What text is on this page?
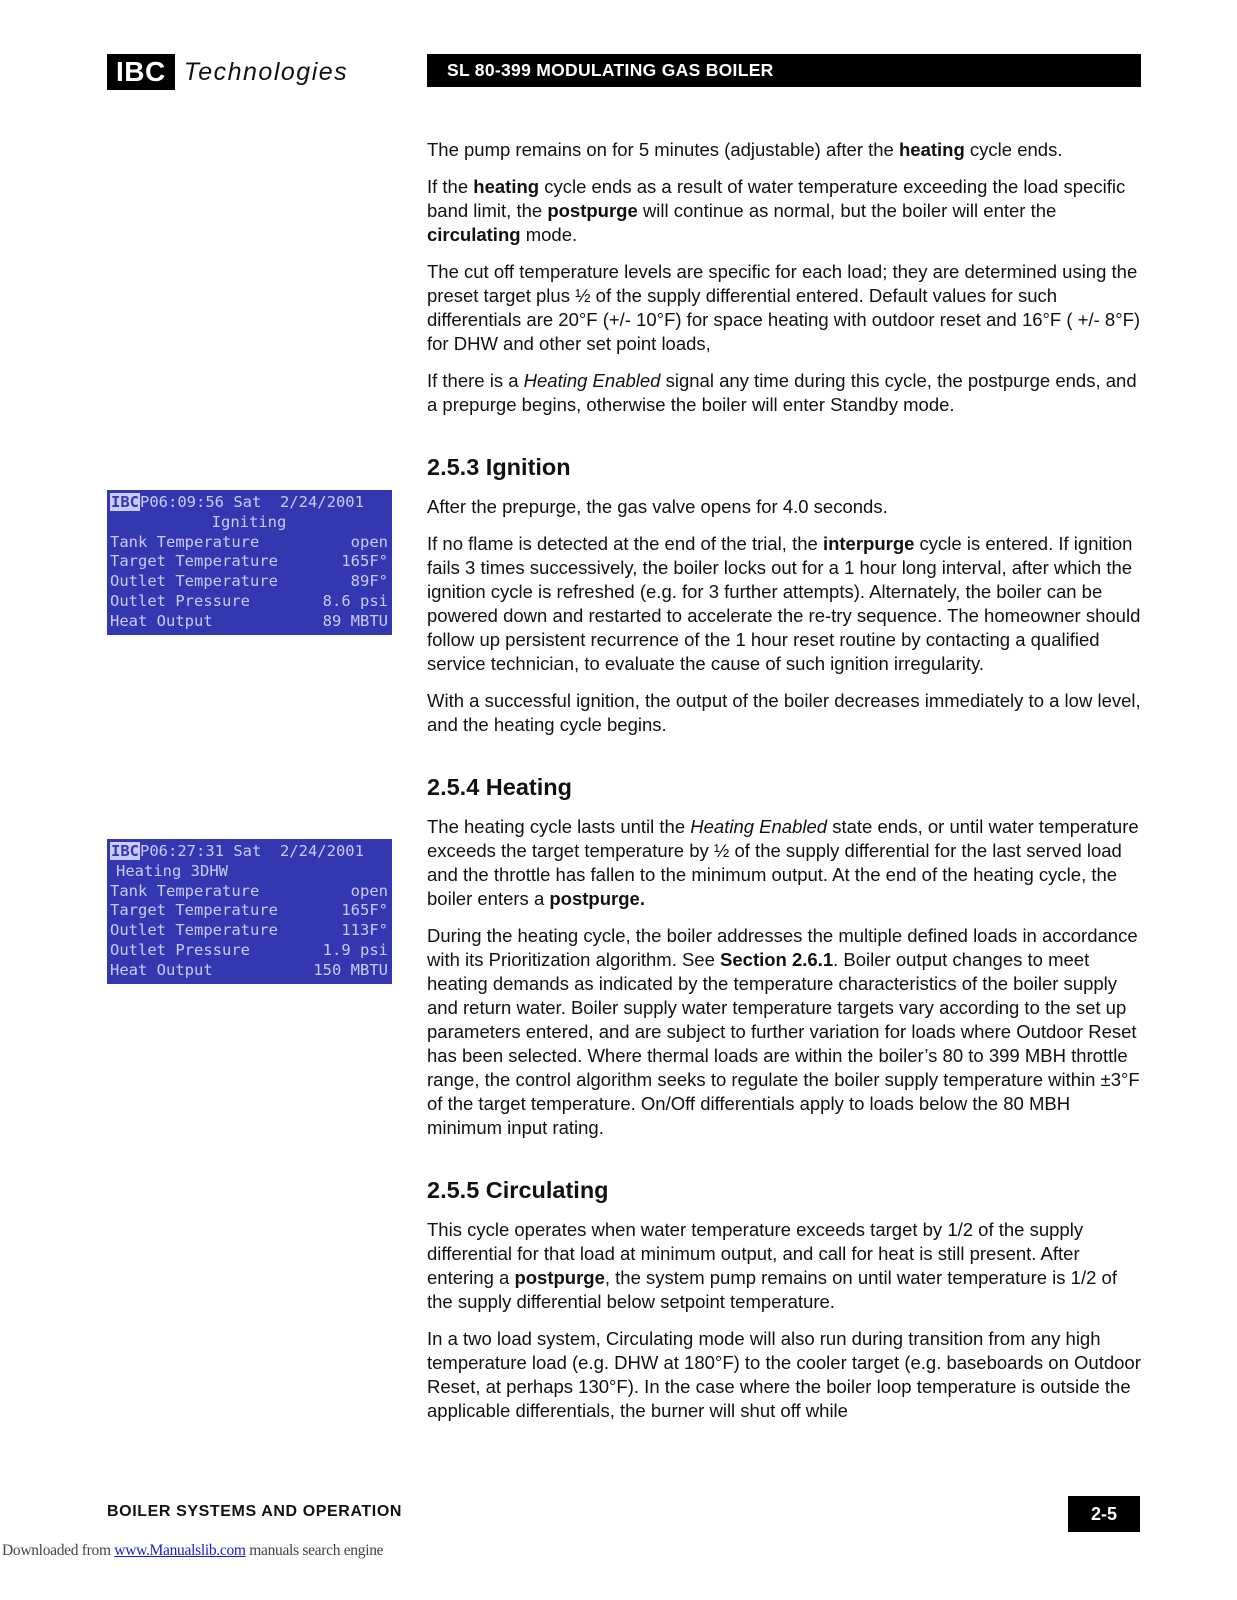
IBC Technologies	SL 80-399 MODULATING GAS BOILER
IBCP06:09:56 Sat  2/24/2001
Igniting
Tank Temperature	open
Target Temperature	165F°
Outlet Temperature	89F°
Outlet Pressure	8.6 psi
Heat Output	89 MBTU
IBCP06:27:31 Sat  2/24/2001
Heating 3DHW
Tank Temperature	open
Target Temperature	165F°
Outlet Temperature	113F°
Outlet Pressure	1.9 psi
Heat Output	150 MBTU

The pump remains on for 5 minutes (adjustable) after the heating cycle ends.

If the heating cycle ends as a result of water temperature exceeding the load specific band limit, the postpurge will continue as normal, but the boiler will enter the circulating mode.

The cut off temperature levels are specific for each load; they are determined using the preset target plus ½ of the supply differential entered. Default values for such differentials are 20°F (+/- 10°F) for space heating with outdoor reset and 16°F ( +/- 8°F) for DHW and other set point loads,

If there is a Heating Enabled signal any time during this cycle, the postpurge ends, and a prepurge begins, otherwise the boiler will enter Standby mode.

2.5.3 Ignition

After the prepurge, the gas valve opens for 4.0 seconds.

If no flame is detected at the end of the trial, the interpurge cycle is entered. If ignition fails 3 times successively, the boiler locks out for a 1 hour long interval, after which the ignition cycle is refreshed (e.g. for 3 further attempts). Alternately, the boiler can be powered down and restarted to accelerate the re-try sequence. The homeowner should follow up persistent recurrence of the 1 hour reset routine by contacting a qualified service technician, to evaluate the cause of such ignition irregularity.

With a successful ignition, the output of the boiler decreases immediately to a low level, and the heating cycle begins.

2.5.4 Heating

The heating cycle lasts until the Heating Enabled state ends, or until water temperature exceeds the target temperature by ½ of the supply differential for the last served load and the throttle has fallen to the minimum output. At the end of the heating cycle, the boiler enters a postpurge.

During the heating cycle, the boiler addresses the multiple defined loads in accordance with its Prioritization algorithm. See Section 2.6.1. Boiler output changes to meet heating demands as indicated by the temperature characteristics of the boiler supply and return water. Boiler supply water temperature targets vary according to the set up parameters entered, and are subject to further variation for loads where Outdoor Reset has been selected. Where thermal loads are within the boiler’s 80 to 399 MBH throttle range, the control algorithm seeks to regulate the boiler supply temperature within ±3°F of the target temperature. On/Off differentials apply to loads below the 80 MBH minimum input rating.

2.5.5 Circulating

This cycle operates when water temperature exceeds target by 1/2 of the supply differential for that load at minimum output, and call for heat is still present. After entering a postpurge, the system pump remains on until water temperature is 1/2 of the supply differential below setpoint temperature.

In a two load system, Circulating mode will also run during transition from any high temperature load (e.g. DHW at 180°F) to the cooler target (e.g. baseboards on Outdoor Reset, at perhaps 130°F). In the case where the boiler loop temperature is outside the applicable differentials, the burner will shut off while

BOILER SYSTEMS AND OPERATION	2-5
Downloaded from www.Manualslib.com manuals search engine
